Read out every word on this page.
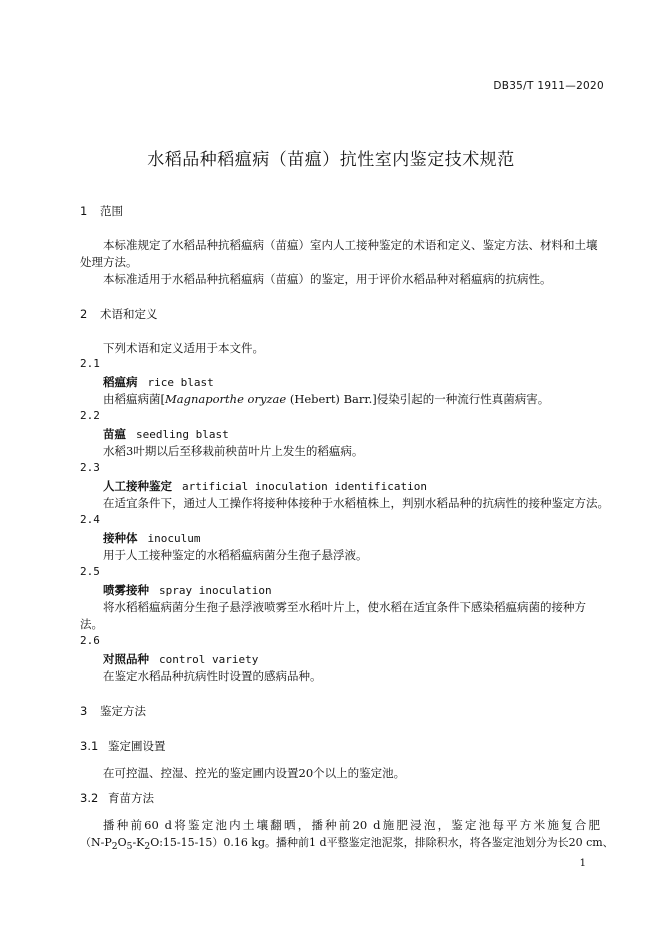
DB35/T 1911—2020
水稻品种稻瘟病（苗瘟）抗性室内鉴定技术规范
1 范围
本标准规定了水稻品种抗稻瘟病（苗瘟）室内人工接种鉴定的术语和定义、鉴定方法、材料和土壤
处理方法。
本标准适用于水稻品种抗稻瘟病（苗瘟）的鉴定，用于评价水稻品种对稻瘟病的抗病性。
2 术语和定义
下列术语和定义适用于本文件。
2.1
稻瘟病 rice blast
由稻瘟病菌[Magnaporthe oryzae (Hebert) Barr.]侵染引起的一种流行性真菌病害。
2.2
苗瘟 seedling blast
水稻3叶期以后至移栽前秧苗叶片上发生的稻瘟病。
2.3
人工接种鉴定 artificial inoculation identification
在适宜条件下，通过人工操作将接种体接种于水稻植株上，判别水稻品种的抗病性的接种鉴定方法。
2.4
接种体 inoculum
用于人工接种鉴定的水稻稻瘟病菌分生孢子悬浮液。
2.5
喷雾接种 spray inoculation
将水稻稻瘟病菌分生孢子悬浮液喷雾至水稻叶片上，使水稻在适宜条件下感染稻瘟病菌的接种方
法。
2.6
对照品种 control variety
在鉴定水稻品种抗病性时设置的感病品种。
3 鉴定方法
3.1 鉴定圃设置
在可控温、控湿、控光的鉴定圃内设置20个以上的鉴定池。
3.2 育苗方法
播种前60 d将鉴定池内土壤翻晒，播种前20 d施肥浸泡，鉴定池每平方米施复合肥
$(N-P_2O_5-K_2O:15-15-15)0.16$ kg。播种前1 d平整鉴定池泥浆，排除积水，将各鉴定池划分为长20 cm、
1
